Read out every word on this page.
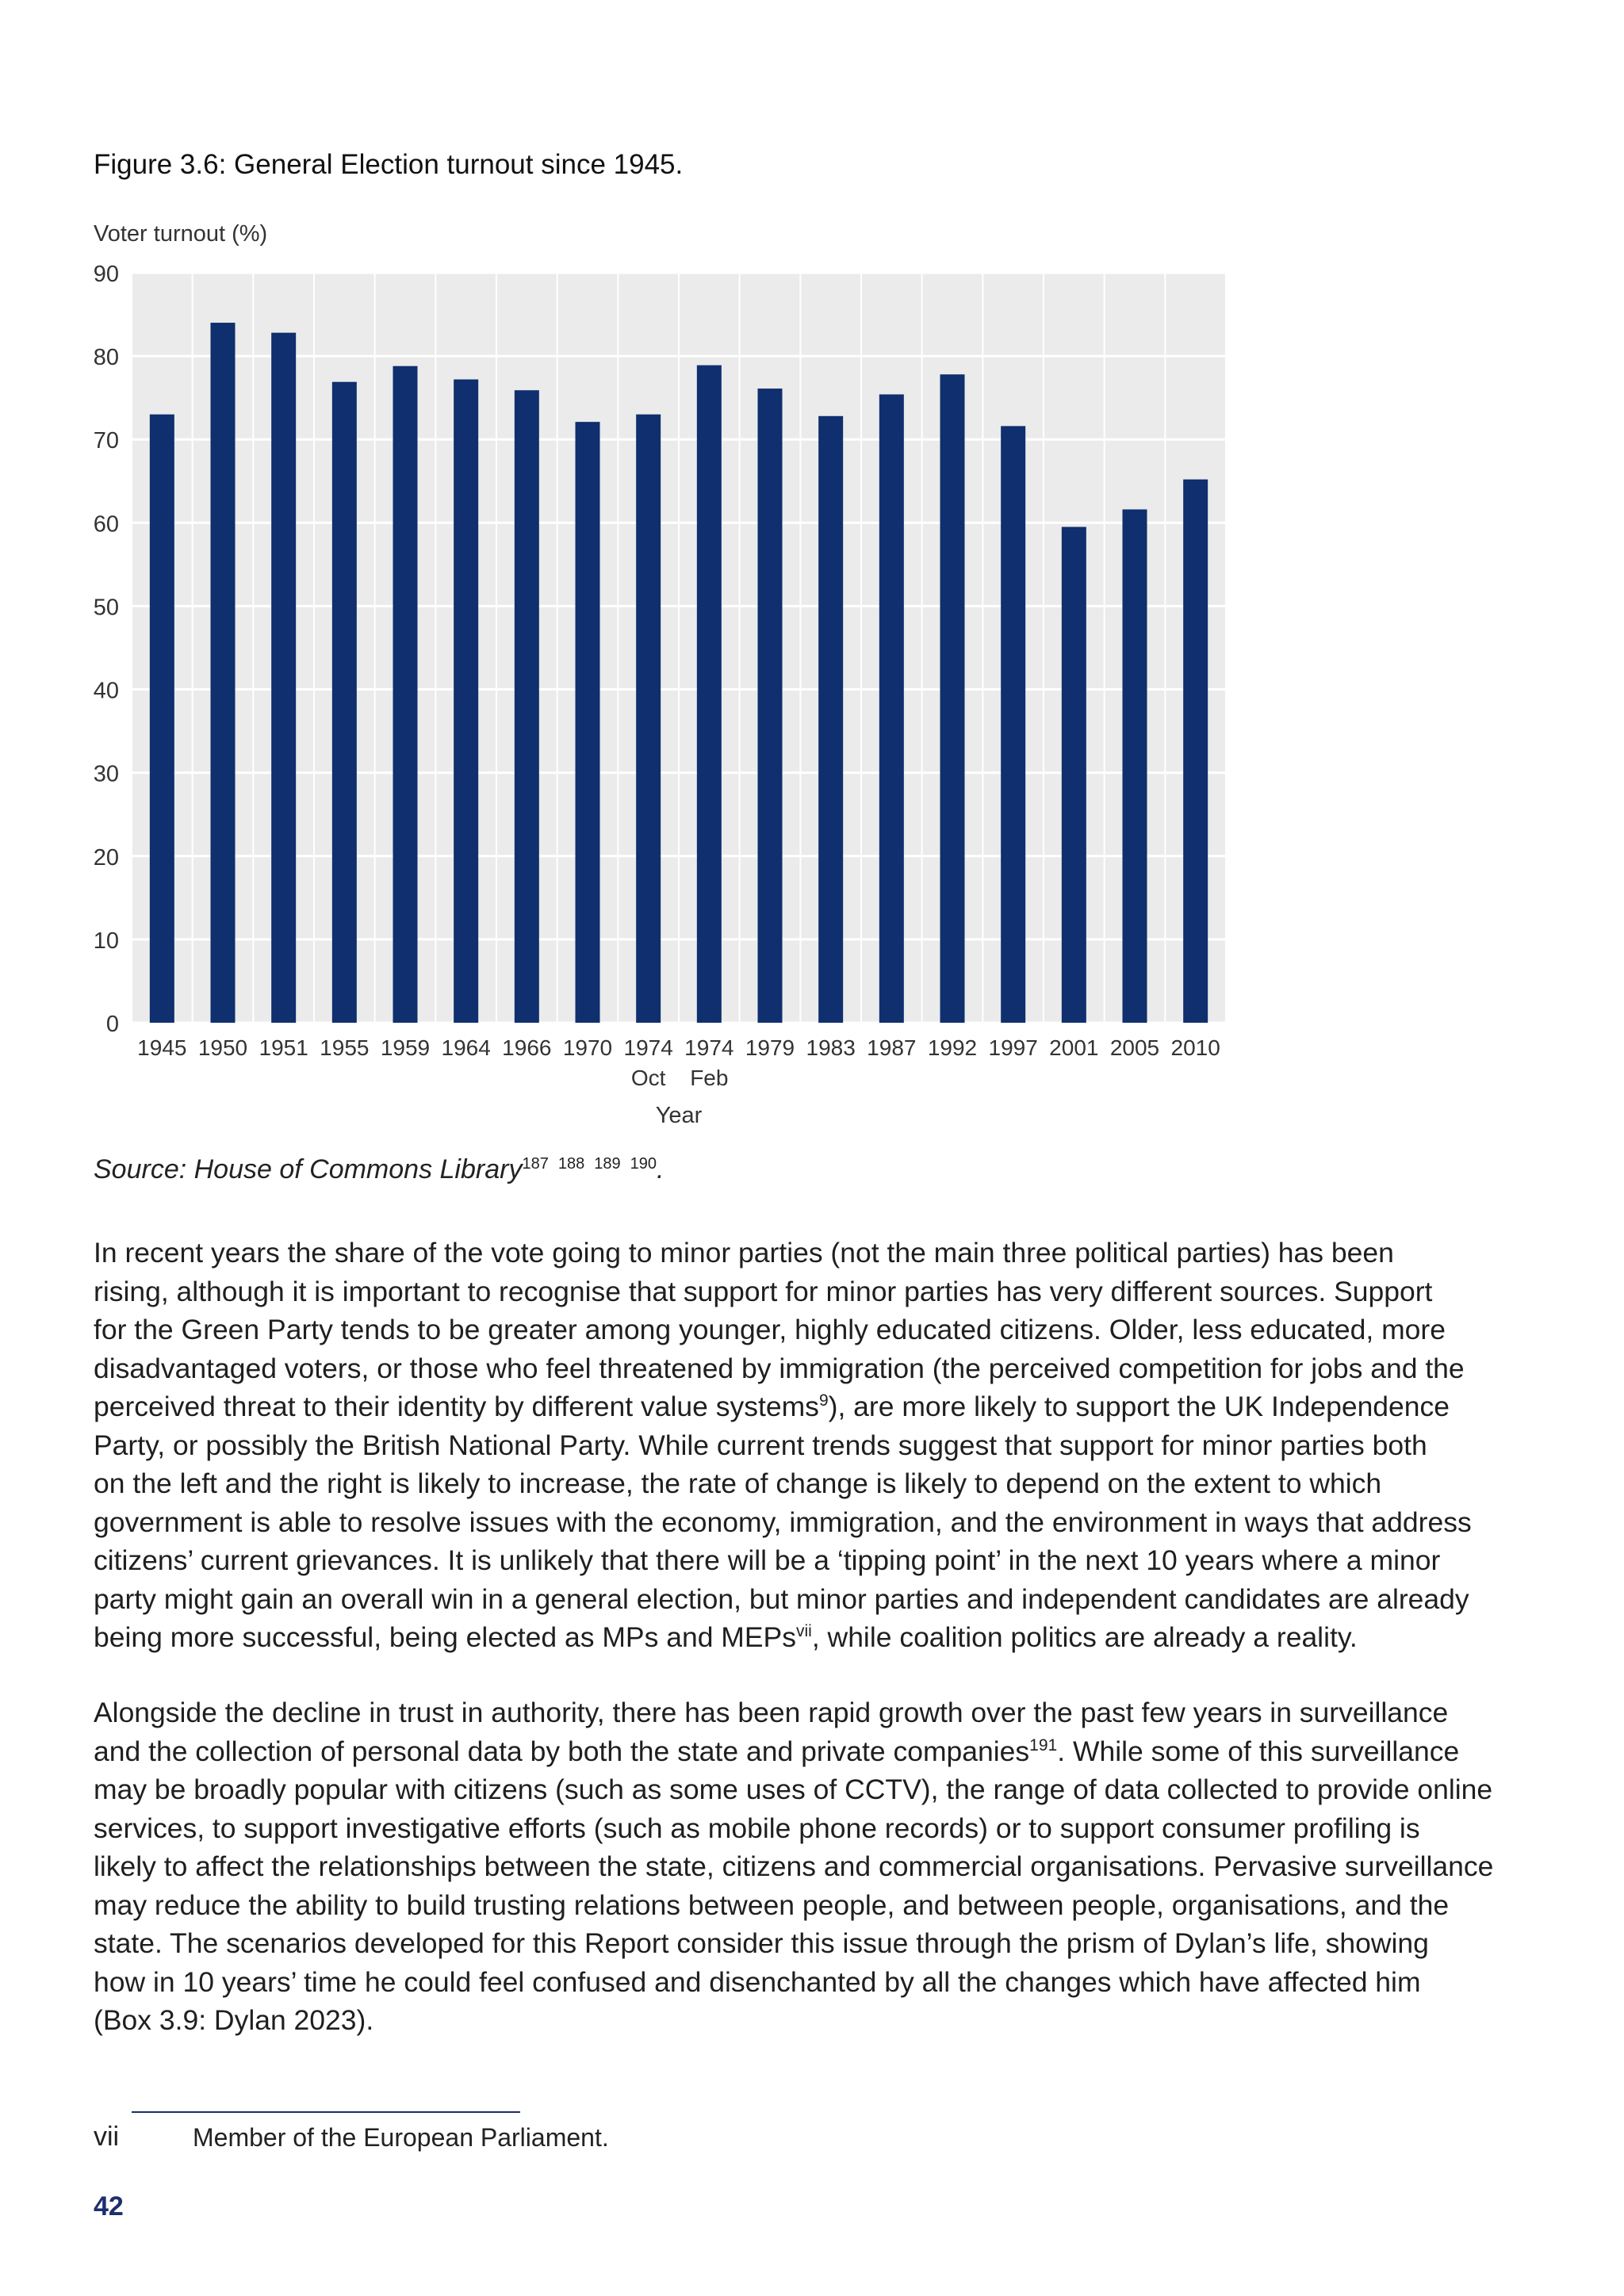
Figure 3.6: General Election turnout since 1945.
0
10
20
30
40
50
60
70
80
90
1945 1950 1951 1955 1959 1964 1966 1970 1974
Oct
1974
Feb
1979 1983 1987 1992 1997 2001 2005 2010
Voter turnout (%)
Year
Source: House of Commons Library$^{187 188 189 190}$.
In recent years the share of the vote going to minor parties (not the main three political parties) has been
rising, although it is important to recognise that support for minor parties has very different sources. Support
for the Green Party tends to be greater among younger, highly educated citizens. Older, less educated, more
disadvantaged voters, or those who feel threatened by immigration (the perceived competition for jobs and the
perceived threat to their identity by different value systems$^9$), are more likely to support the UK Independence
Party, or possibly the British National Party. While current trends suggest that support for minor parties both
on the left and the right is likely to increase, the rate of change is likely to depend on the extent to which
government is able to resolve issues with the economy, immigration, and the environment in ways that address
citizens’ current grievances. It is unlikely that there will be a ‘tipping point’ in the next 10 years where a minor
party might gain an overall win in a general election, but minor parties and independent candidates are already
being more successful, being elected as MPs and MEPs$^{vii}$, while coalition politics are already a reality.
Alongside the decline in trust in authority, there has been rapid growth over the past few years in surveillance
and the collection of personal data by both the state and private companies$^{191}$. While some of this surveillance
may be broadly popular with citizens (such as some uses of CCTV), the range of data collected to provide online
services, to support investigative efforts (such as mobile phone records) or to support consumer profiling is
likely to affect the relationships between the state, citizens and commercial organisations. Pervasive surveillance
may reduce the ability to build trusting relations between people, and between people, organisations, and the
state. The scenarios developed for this Report consider this issue through the prism of Dylan’s life, showing
how in 10 years’ time he could feel confused and disenchanted by all the changes which have affected him
(Box 3.9: Dylan 2023).
vii	Member of the European Parliament.
42
